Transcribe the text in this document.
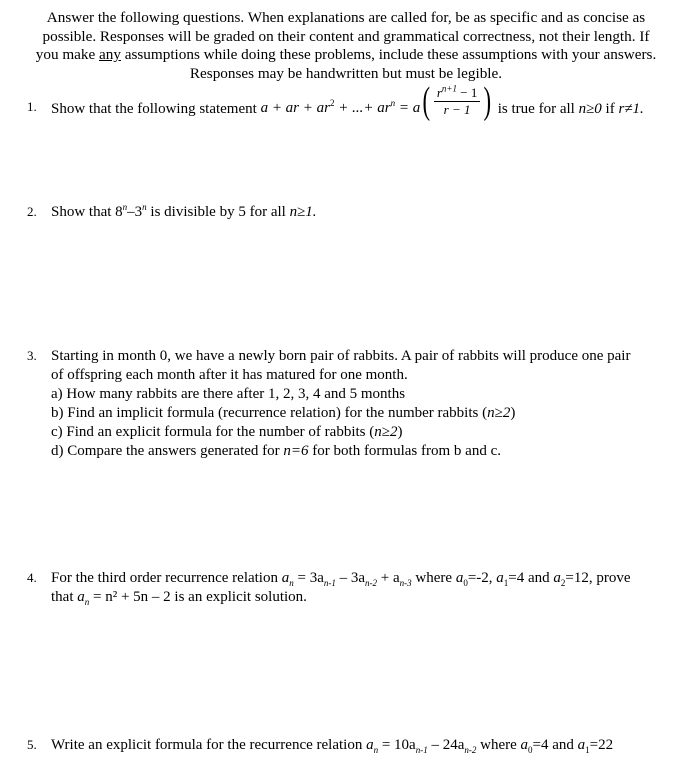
Answer the following questions. When explanations are called for, be as specific and as concise as
possible. Responses will be graded on their content and grammatical correctness, not their length. If
you make any assumptions while doing these problems, include these assumptions with your answers.
Responses may be handwritten but must be legible.
1. Show that the following statement a + ar + $ar^2$ + ...+ $ar^n = a( \frac{r^{n+1} - 1}{r - 1}$ ) is true for all n≥0 if r≠1.
2. Show that 8$^n$–3$^n$ is divisible by 5 for all n≥1.
3. Starting in month 0, we have a newly born pair of rabbits. A pair of rabbits will produce one pair
of offspring each month after it has matured for one month.
a) How many rabbits are there after 1, 2, 3, 4 and 5 months
b) Find an implicit formula (recurrence relation) for the number rabbits (n≥2)
c) Find an explicit formula for the number of rabbits (n≥2)
d) Compare the answers generated for n=6 for both formulas from b and c.
4. For the third order recurrence relation $a_n = 3a_{n-1} - 3a_{n-2} + a_{n-3}$ where $a_0=-2$, $a_1=4$ and $a_2=12$, prove
that $a_n = n^2 + 5n - 2$ is an explicit solution.
5. Write an explicit formula for the recurrence relation $a_n = 10a_{n-1} - 24a_{n-2}$ where $a_0=4$ and $a_1=22$
